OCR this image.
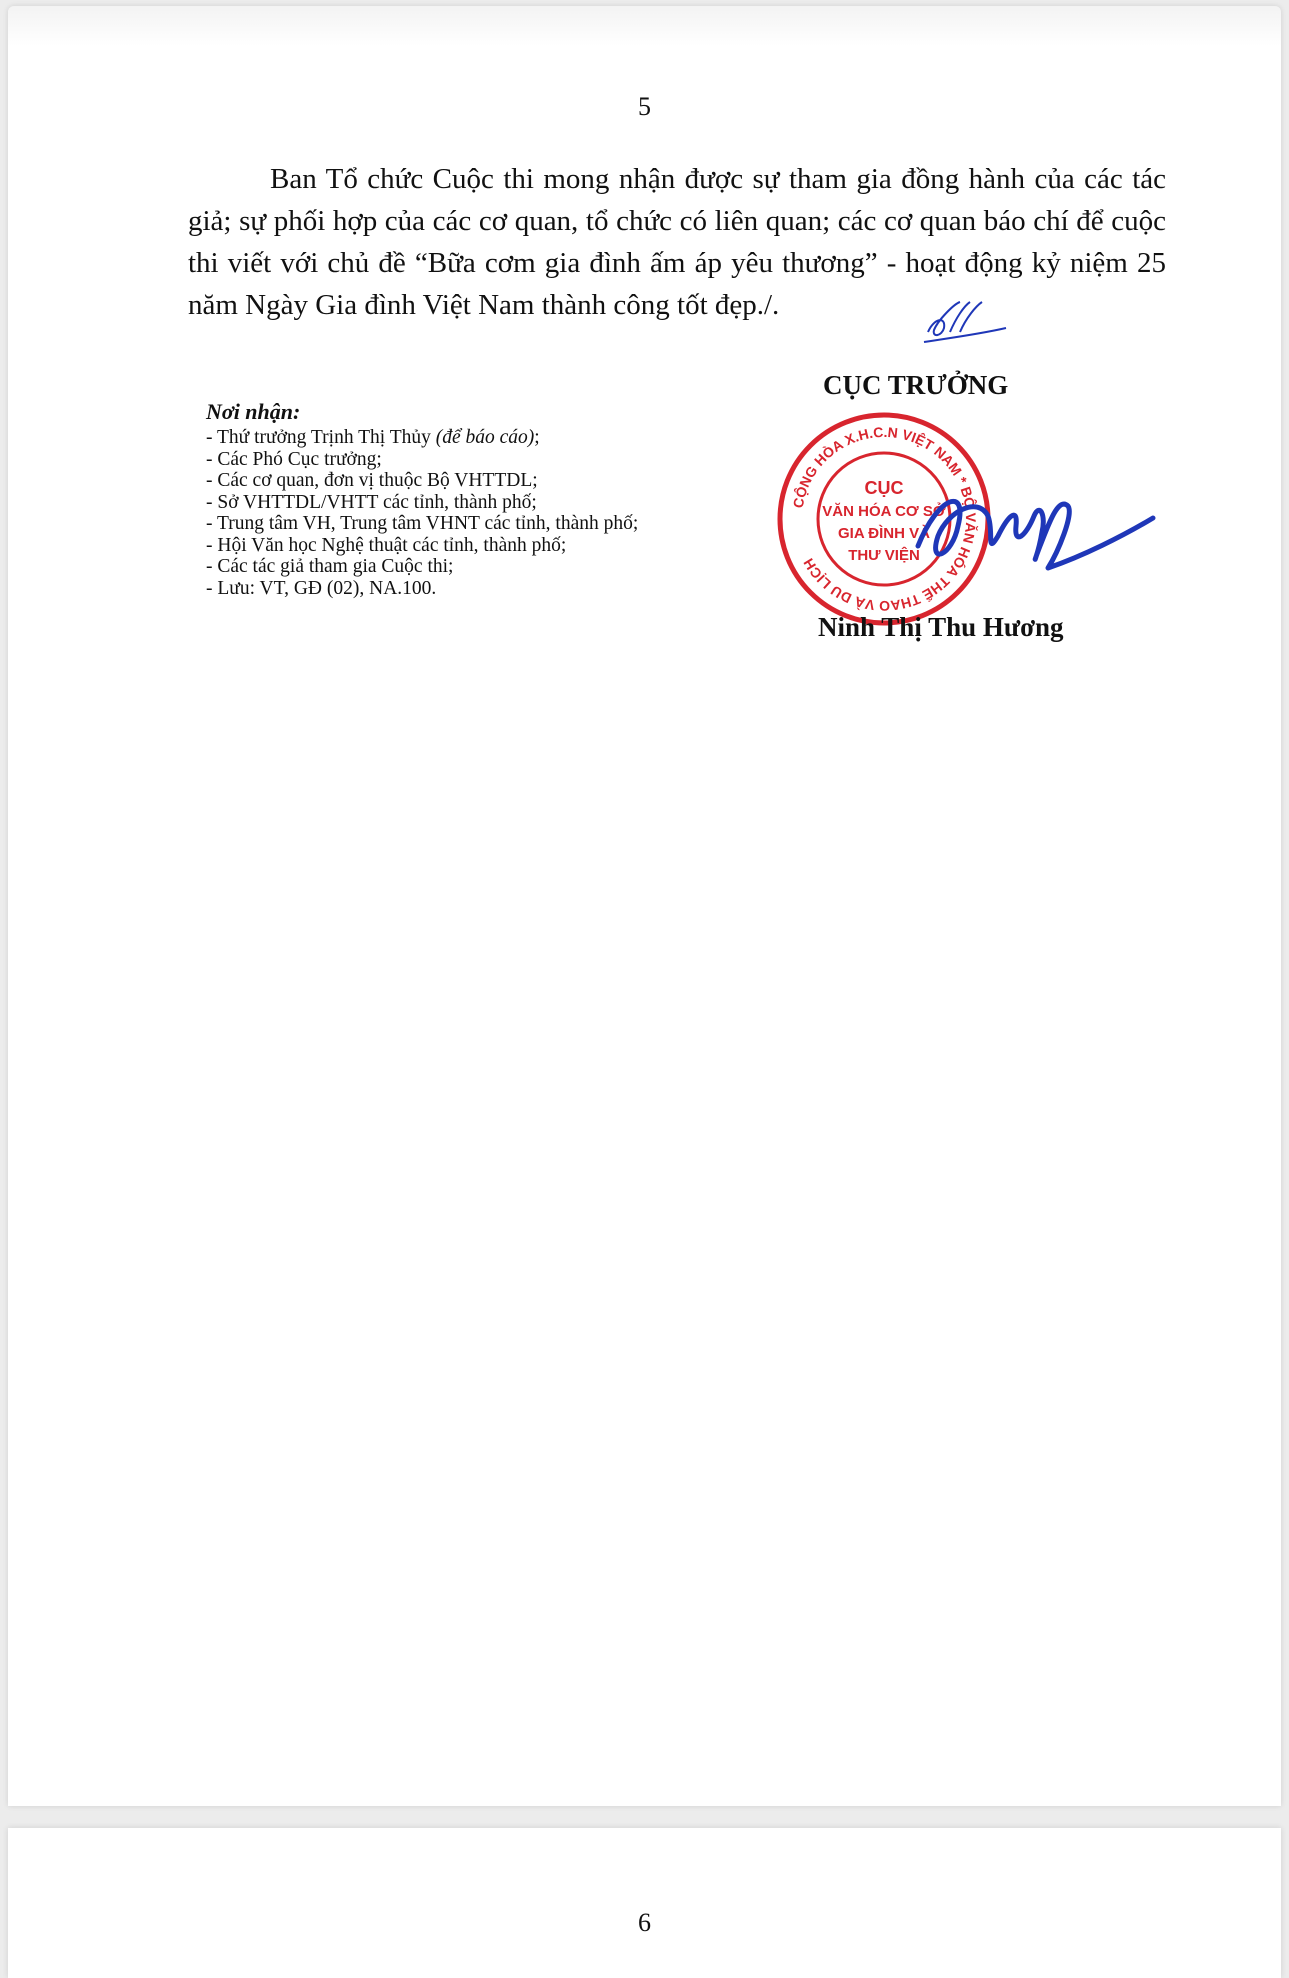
5

Ban Tổ chức Cuộc thi mong nhận được sự tham gia đồng hành của các tác giả; sự phối hợp của các cơ quan, tổ chức có liên quan; các cơ quan báo chí để cuộc thi viết với chủ đề “Bữa cơm gia đình ấm áp yêu thương” - hoạt động kỷ niệm 25 năm Ngày Gia đình Việt Nam thành công tốt đẹp./.

Nơi nhận:

- Thứ trưởng Trịnh Thị Thủy (để báo cáo);
- Các Phó Cục trưởng;
- Các cơ quan, đơn vị thuộc Bộ VHTTDL;
- Sở VHTTDL/VHTT các tỉnh, thành phố;
- Trung tâm VH, Trung tâm VHNT các tỉnh, thành phố;
- Hội Văn học Nghệ thuật các tỉnh, thành phố;
- Các tác giả tham gia Cuộc thi;
- Lưu: VT, GĐ (02), NA.100.
CỤC TRƯỞNG
CỘNG HÒA X.H.C.N VIỆT NAM * BỘ VĂN HÓA THỂ THAO VÀ DU LỊCH
CỤC
VĂN HÓA CƠ SỞ
GIA ĐÌNH VÀ
THƯ VIỆN
Ninh Thị Thu Hương
6
